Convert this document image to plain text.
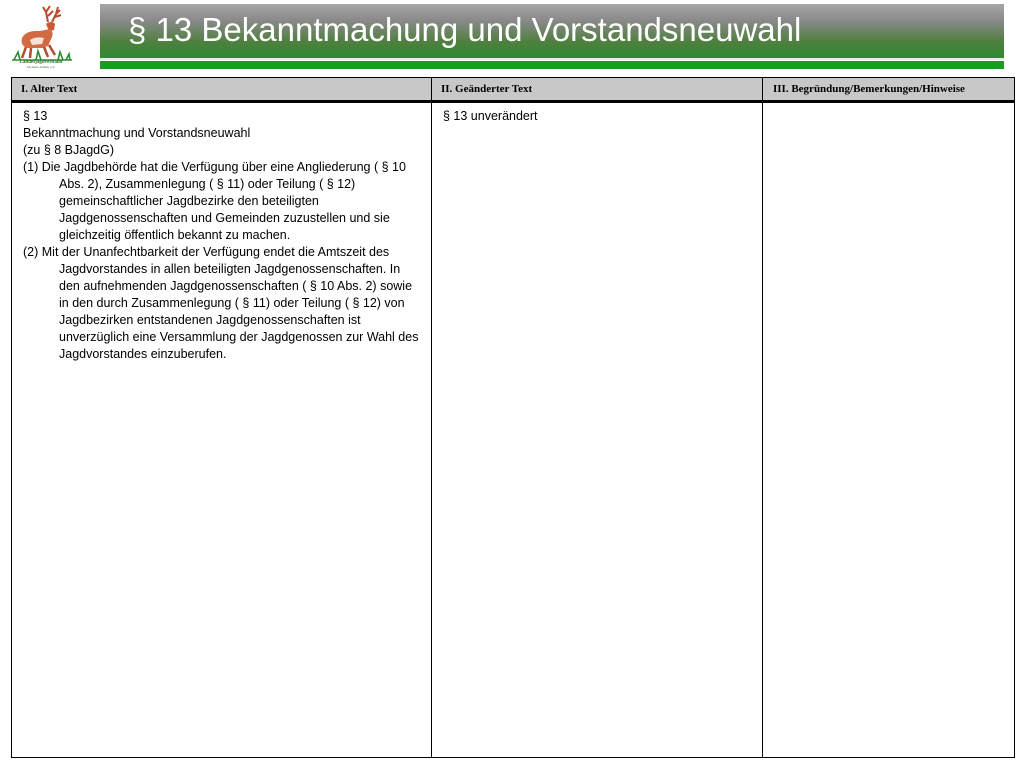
Landesjagdverband
Sachsen-Anhalt e.V.
§ 13 Bekanntmachung und Vorstandsneuwahl
I. Alter Text	II. Geänderter Text	III. Begründung/Bemerkungen/Hinweise

§ 13
Bekanntmachung und Vorstandsneuwahl
(zu § 8 BJagdG)
(1) Die Jagdbehörde hat die Verfügung über eine Angliederung ( § 10 Abs. 2), Zusammenlegung ( § 11) oder Teilung ( § 12) gemeinschaftlicher Jagdbezirke den beteiligten Jagdgenossenschaften und Gemeinden zuzustellen und sie gleichzeitig öffentlich bekannt zu machen.
(2) Mit der Unanfechtbarkeit der Verfügung endet die Amtszeit des Jagdvorstandes in allen beteiligten Jagdgenossenschaften. In den aufnehmenden Jagdgenossenschaften ( § 10 Abs. 2) sowie in den durch Zusammenlegung ( § 11) oder Teilung ( § 12) von Jagdbezirken entstandenen Jagdgenossenschaften ist unverzüglich eine Versammlung der Jagdgenossen zur Wahl des Jagdvorstandes einzuberufen.	§ 13 unverändert	
